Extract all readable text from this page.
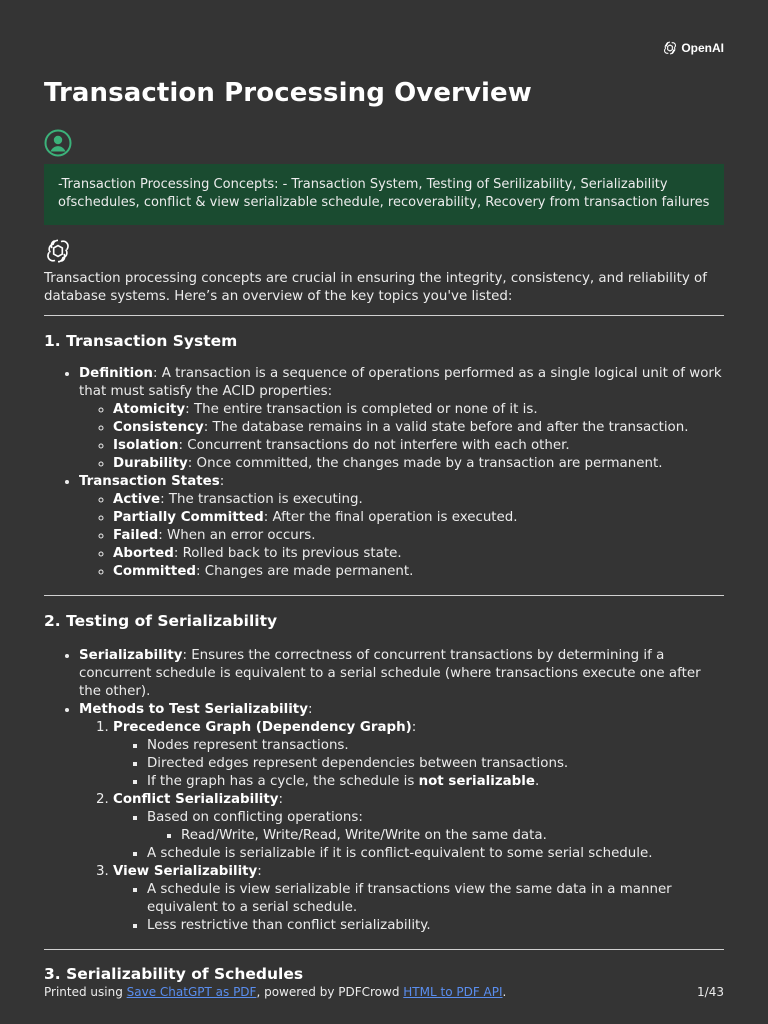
OpenAI
Transaction Processing Overview
-Transaction Processing Concepts: - Transaction System, Testing of Serilizability, Serializability ofschedules, conflict & view serializable schedule, recoverability, Recovery from transaction failures

Transaction processing concepts are crucial in ensuring the integrity, consistency, and reliability of database systems. Here’s an overview of the key topics you've listed:

1. Transaction System
• Definition: A transaction is a sequence of operations performed as a single logical unit of work that must satisfy the ACID properties:
◦ Atomicity: The entire transaction is completed or none of it is.
◦ Consistency: The database remains in a valid state before and after the transaction.
◦ Isolation: Concurrent transactions do not interfere with each other.
◦ Durability: Once committed, the changes made by a transaction are permanent.
• Transaction States:
◦ Active: The transaction is executing.
◦ Partially Committed: After the final operation is executed.
◦ Failed: When an error occurs.
◦ Aborted: Rolled back to its previous state.
◦ Committed: Changes are made permanent.
2. Testing of Serializability
• Serializability: Ensures the correctness of concurrent transactions by determining if a concurrent schedule is equivalent to a serial schedule (where transactions execute one after the other).
• Methods to Test Serializability:
1. Precedence Graph (Dependency Graph):
▪ Nodes represent transactions.
▪ Directed edges represent dependencies between transactions.
▪ If the graph has a cycle, the schedule is not serializable.
2. Conflict Serializability:
▪ Based on conflicting operations:
▪ Read/Write, Write/Read, Write/Write on the same data.
▪ A schedule is serializable if it is conflict-equivalent to some serial schedule.
3. View Serializability:
▪ A schedule is view serializable if transactions view the same data in a manner equivalent to a serial schedule.
▪ Less restrictive than conflict serializability.
3. Serializability of Schedules
Printed using Save ChatGPT as PDF, powered by PDFCrowd HTML to PDF API.	1/43
